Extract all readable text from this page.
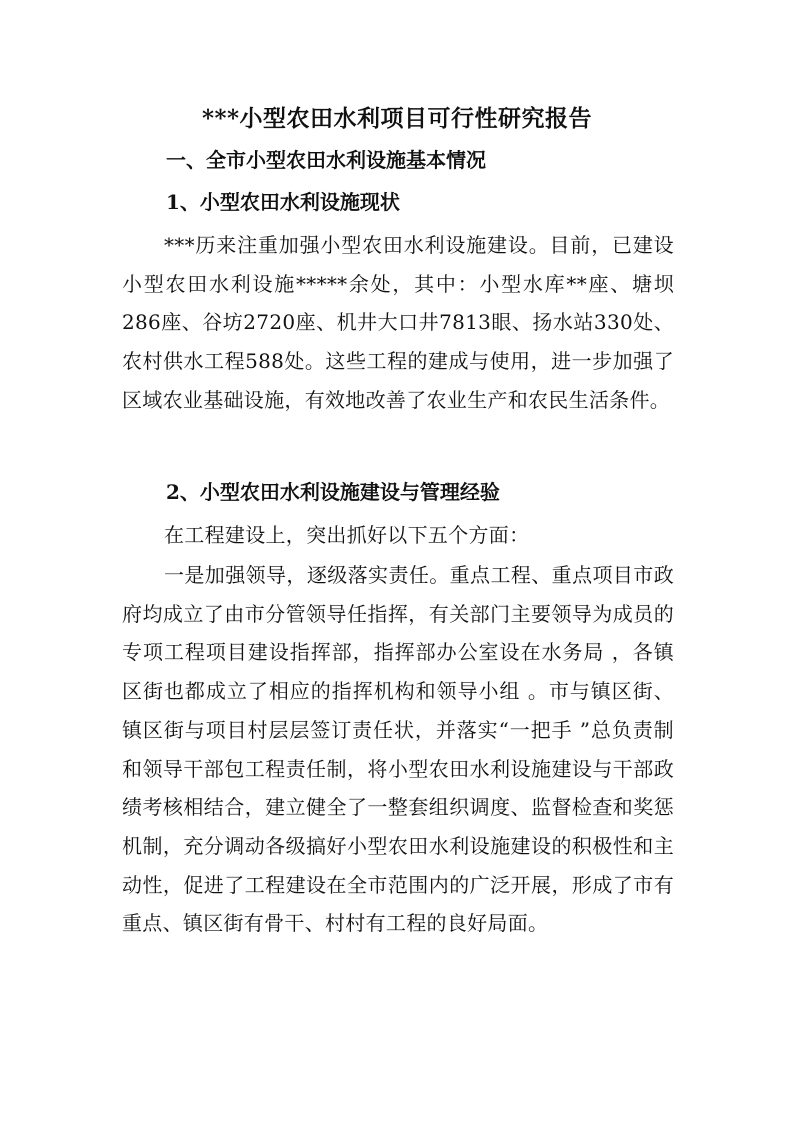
***小型农田水利项目可行性研究报告
一、全市小型农田水利设施基本情况
1、小型农田水利设施现状

***历来注重加强小型农田水利设施建设。目前，已建设小型农田水利设施*****余处，其中：小型水库**座、塘坝286座、谷坊2720座、机井大口井7813眼、扬水站330处、农村供水工程588处。这些工程的建成与使用，进一步加强了区域农业基础设施，有效地改善了农业生产和农民生活条件。

2、小型农田水利设施建设与管理经验

在工程建设上，突出抓好以下五个方面：

一是加强领导，逐级落实责任。重点工程、重点项目市政府均成立了由市分管领导任指挥，有关部门主要领导为成员的专项工程项目建设指挥部，指挥部办公室设在水务局 ，各镇区街也都成立了相应的指挥机构和领导小组 。市与镇区街、镇区街与项目村层层签订责任状，并落实“一把手 ”总负责制和领导干部包工程责任制，将小型农田水利设施建设与干部政绩考核相结合，建立健全了一整套组织调度、监督检查和奖惩机制，充分调动各级搞好小型农田水利设施建设的积极性和主动性，促进了工程建设在全市范围内的广泛开展，形成了市有重点、镇区街有骨干、村村有工程的良好局面。
